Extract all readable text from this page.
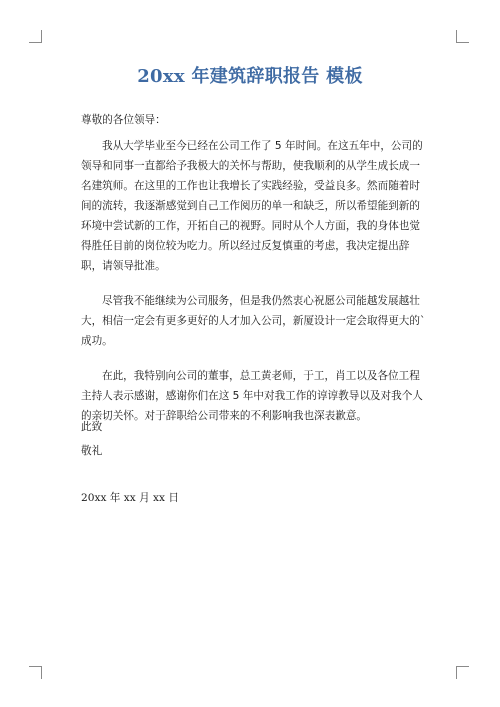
20xx 年建筑辞职报告 模板
尊敬的各位领导：

我从大学毕业至今已经在公司工作了 5 年时间。在这五年中，公司的领导和同事一直都给予我极大的关怀与帮助，使我顺利的从学生成长成一名建筑师。在这里的工作也让我增长了实践经验，受益良多。然而随着时间的流转，我逐渐感觉到自己工作阅历的单一和缺乏，所以希望能到新的环境中尝试新的工作，开拓自己的视野。同时从个人方面，我的身体也觉得胜任目前的岗位较为吃力。所以经过反复慎重的考虑，我决定提出辞职，请领导批准。

尽管我不能继续为公司服务，但是我仍然衷心祝愿公司能越发展越壮大，相信一定会有更多更好的人才加入公司，新厦设计一定会取得更大的`成功。

在此，我特别向公司的董事，总工黄老师，于工，肖工以及各位工程主持人表示感谢，感谢你们在这 5 年中对我工作的谆谆教导以及对我个人的亲切关怀。对于辞职给公司带来的不利影响我也深表歉意。

此致
敬礼
20xx 年 xx 月 xx 日
